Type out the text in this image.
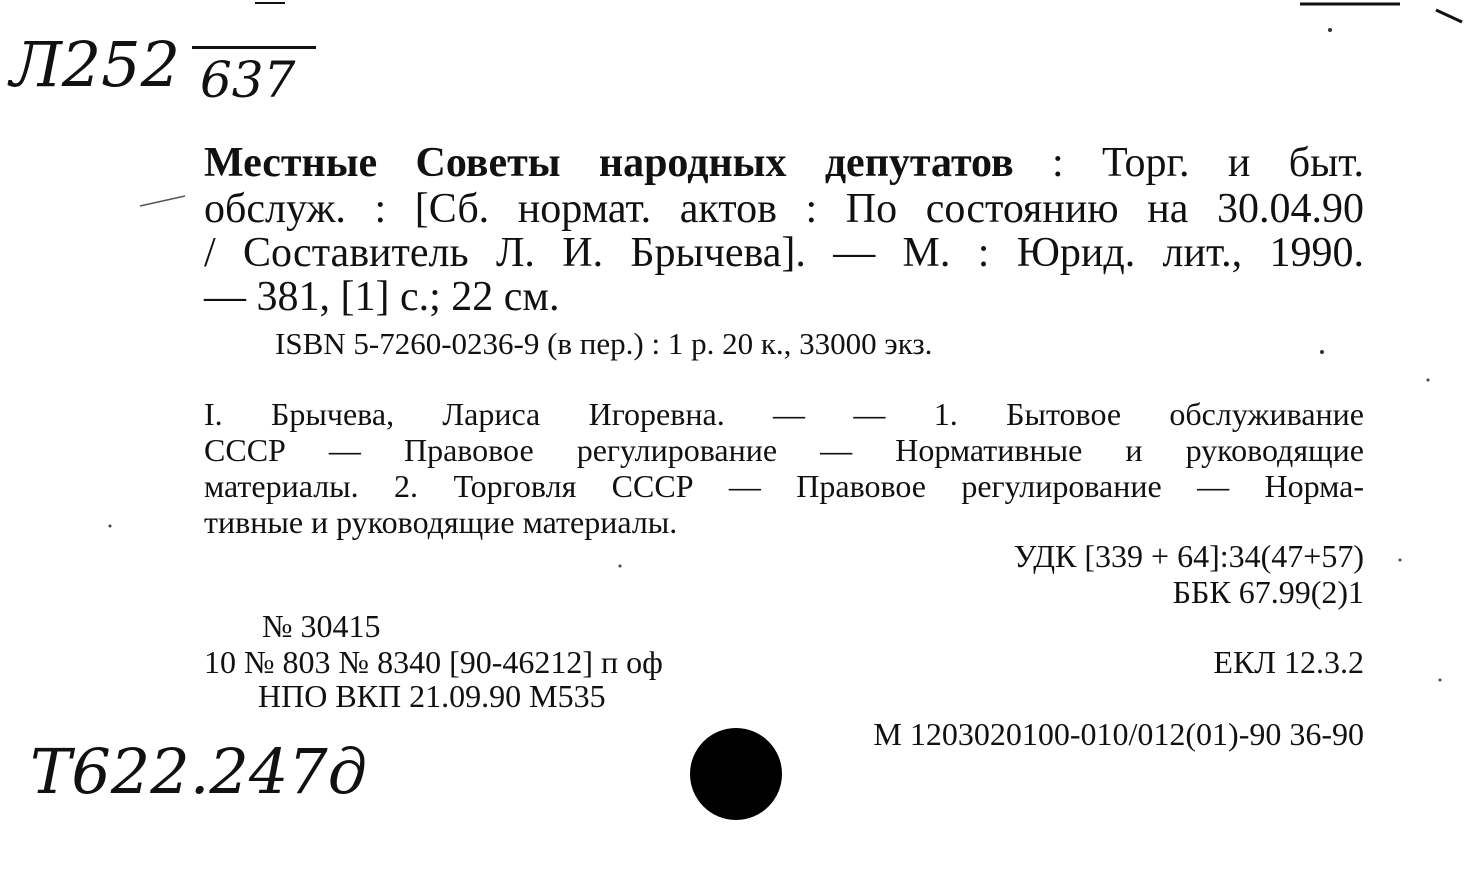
Л252 637
Местные Советы народных депутатов : Торг. и быт.
обслуж. : [Сб. нормат. актов : По состоянию на 30.04.90
/ Составитель Л. И. Брычева]. — М. : Юрид. лит., 1990.
— 381, [1] с.; 22 см.
ISBN 5-7260-0236-9 (в пер.) : 1 р. 20 к., 33000 экз.
I. Брычева, Лариса Игоревна. — — 1. Бытовое обслуживание
СССР — Правовое регулирование — Нормативные и руководящие
материалы. 2. Торговля СССР — Правовое регулирование — Норма-
тивные и руководящие материалы.
УДК [339 + 64]:34(47+57)
ББК 67.99(2)1
№ 30415
10 № 803 № 8340 [90-46212] п оф
НПО ВКП 21.09.90 М535
ЕКЛ 12.3.2
М 1203020100-010/012(01)-90 36-90
Т622.247д
